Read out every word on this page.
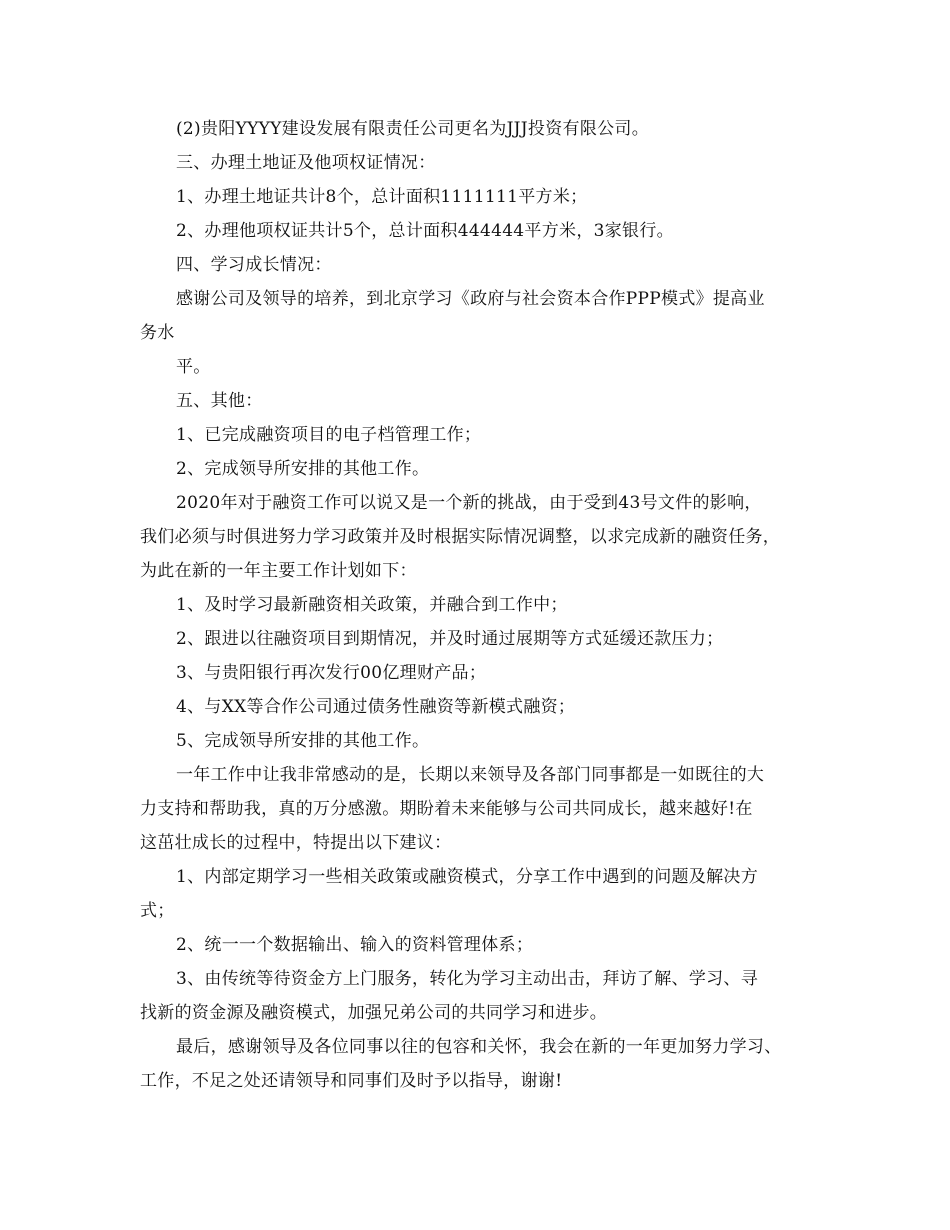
(2)贵阳YYYY建设发展有限责任公司更名为JJJ投资有限公司。

三、办理土地证及他项权证情况：

1、办理土地证共计8个，总计面积1111111平方米；

2、办理他项权证共计5个，总计面积444444平方米，3家银行。

四、学习成长情况：

感谢公司及领导的培养，到北京学习《政府与社会资本合作PPP模式》提高业

务水

平。

五、其他：

1、已完成融资项目的电子档管理工作；

2、完成领导所安排的其他工作。

2020年对于融资工作可以说又是一个新的挑战，由于受到43号文件的影响，

我们必须与时俱进努力学习政策并及时根据实际情况调整，以求完成新的融资任务，

为此在新的一年主要工作计划如下：

1、及时学习最新融资相关政策，并融合到工作中；

2、跟进以往融资项目到期情况，并及时通过展期等方式延缓还款压力；

3、与贵阳银行再次发行00亿理财产品；

4、与XX等合作公司通过债务性融资等新模式融资；

5、完成领导所安排的其他工作。

一年工作中让我非常感动的是，长期以来领导及各部门同事都是一如既往的大

力支持和帮助我，真的万分感激。期盼着未来能够与公司共同成长，越来越好!在

这茁壮成长的过程中，特提出以下建议：

1、内部定期学习一些相关政策或融资模式，分享工作中遇到的问题及解决方

式；

2、统一一个数据输出、输入的资料管理体系；

3、由传统等待资金方上门服务，转化为学习主动出击，拜访了解、学习、寻

找新的资金源及融资模式，加强兄弟公司的共同学习和进步。

最后，感谢领导及各位同事以往的包容和关怀，我会在新的一年更加努力学习、

工作，不足之处还请领导和同事们及时予以指导，谢谢!
